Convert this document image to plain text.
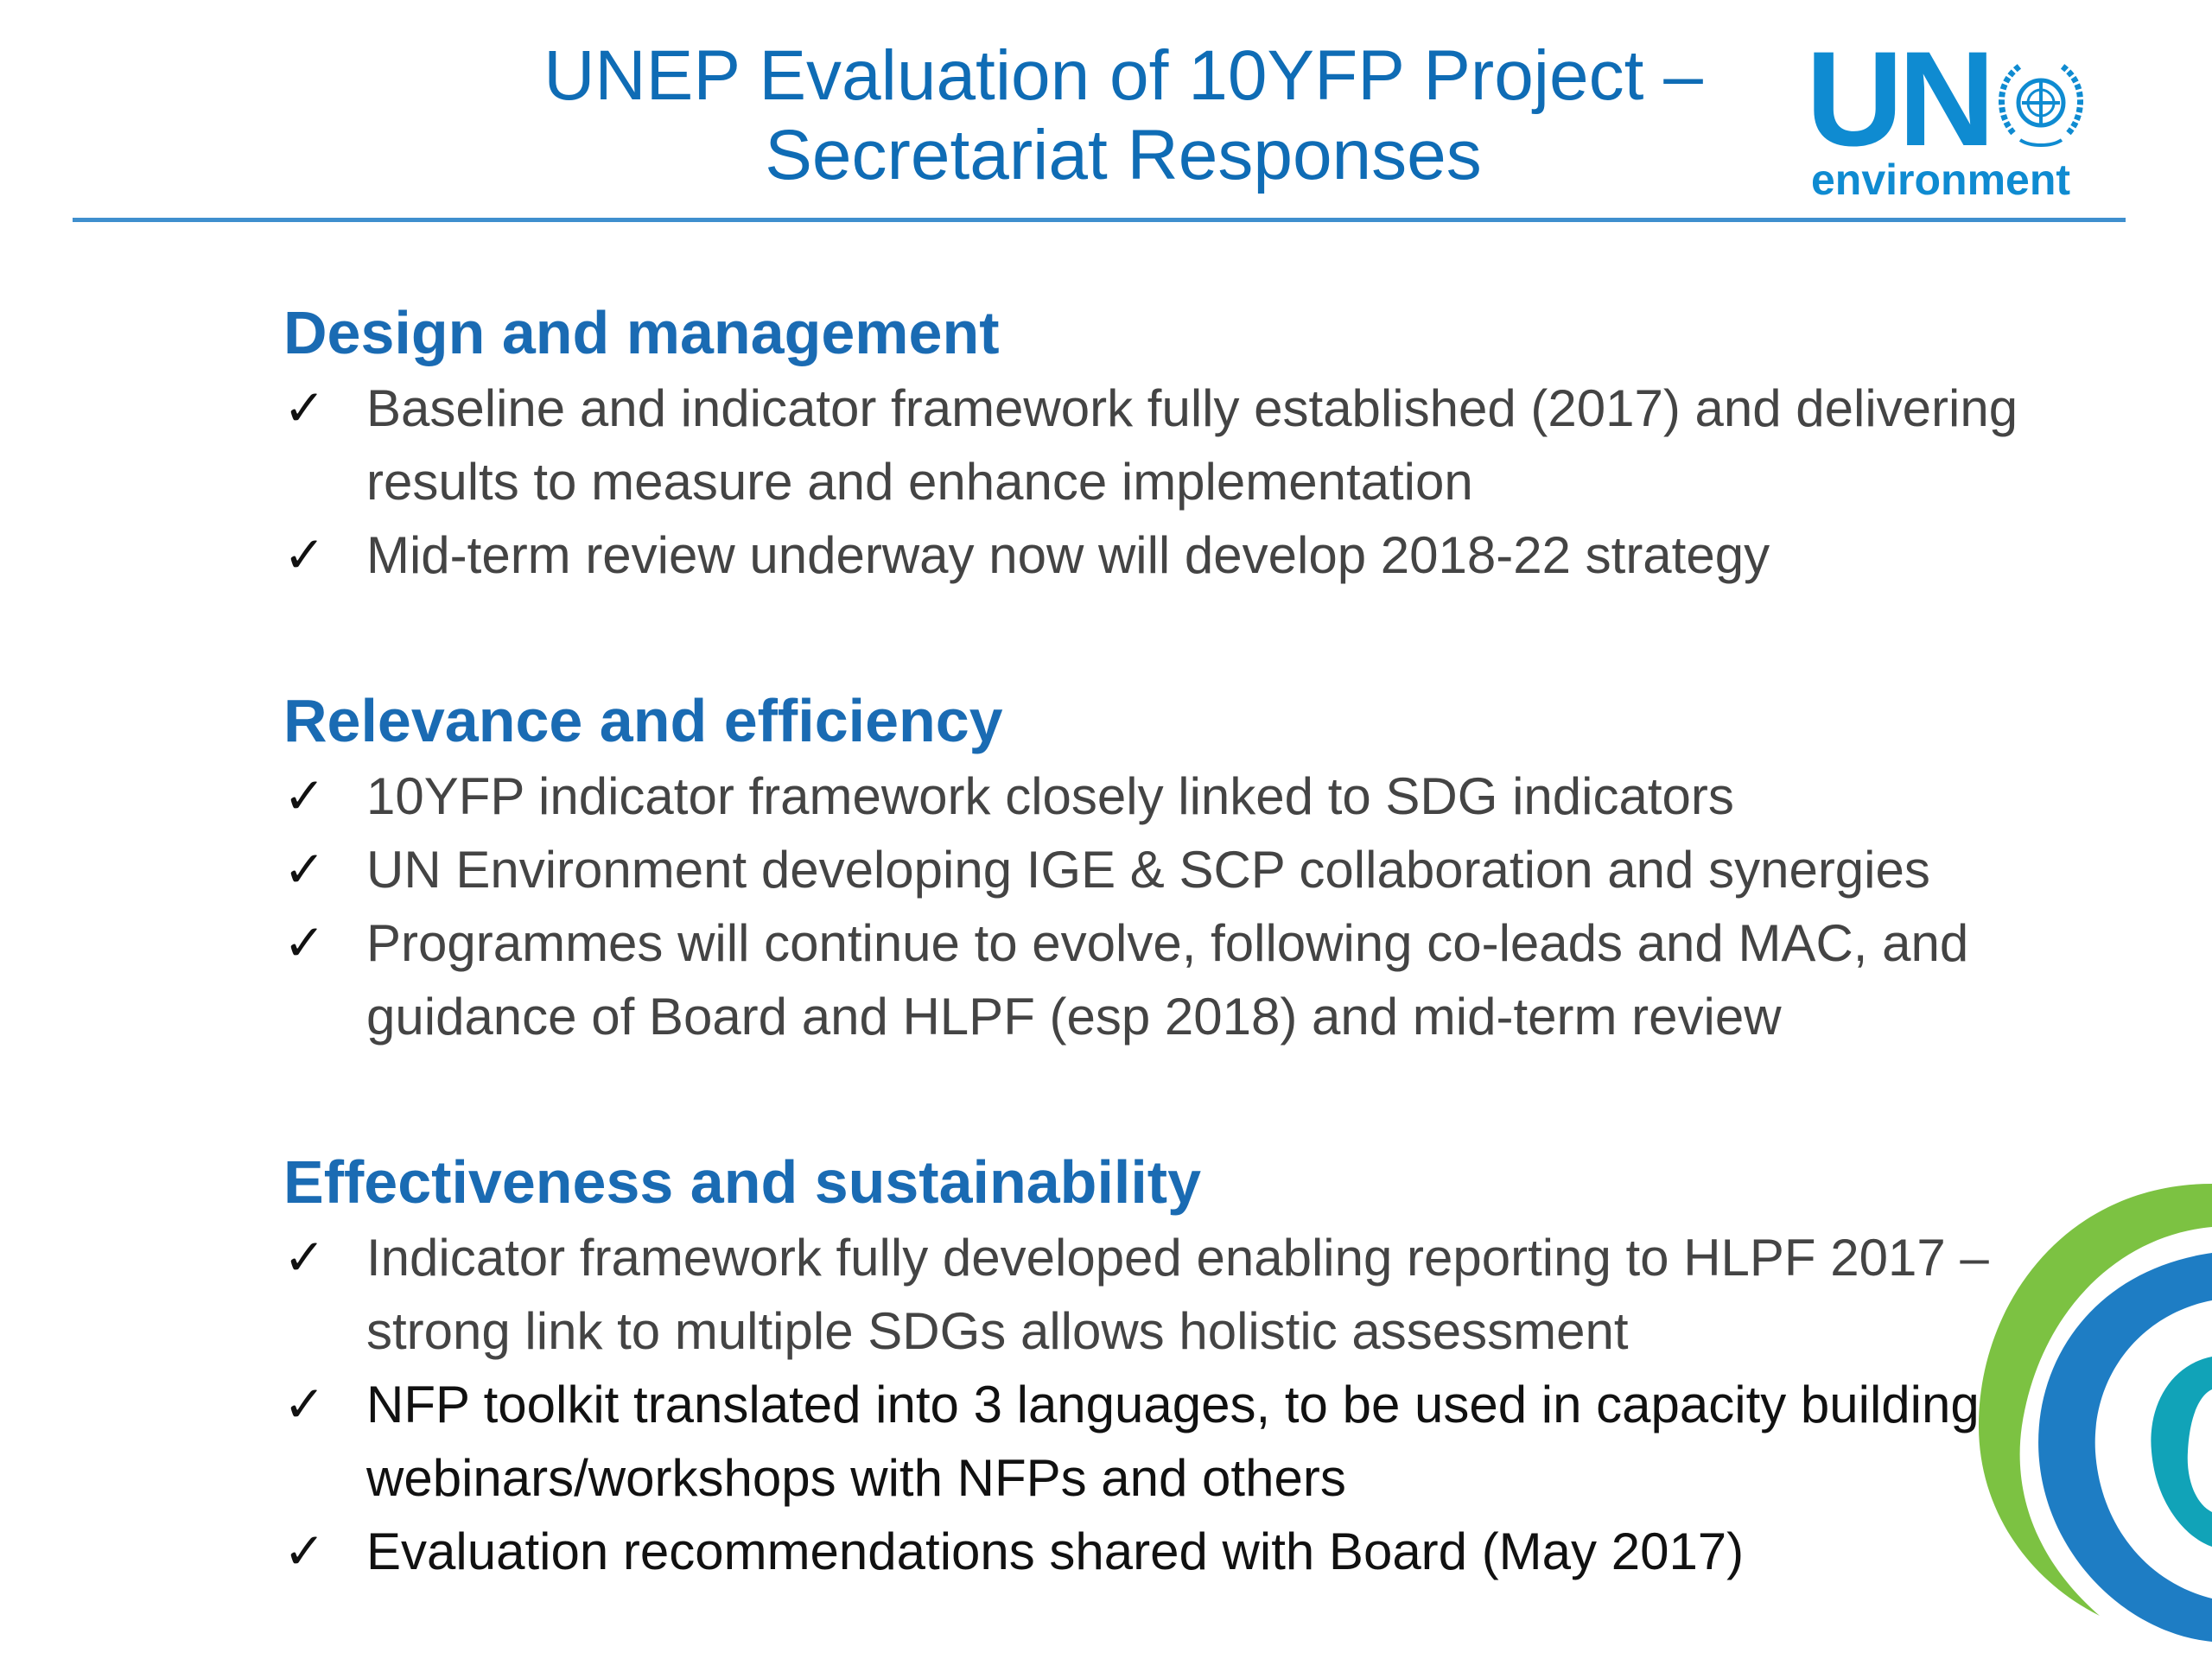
UNEP Evaluation of 10YFP Project –
Secretariat Responses	UN
environment
Design and management
✓ Baseline and indicator framework fully established (2017) and delivering results to measure and enhance implementation
✓ Mid-term review underway now will develop 2018-22 strategy
Relevance and efficiency
✓ 10YFP indicator framework closely linked to SDG indicators
✓ UN Environment developing IGE & SCP collaboration and synergies
✓ Programmes will continue to evolve, following co-leads and MAC, and guidance of Board and HLPF (esp 2018) and mid-term review
Effectiveness and sustainability
✓ Indicator framework fully developed enabling reporting to HLPF 2017 – strong link to multiple SDGs allows holistic assessment
✓ NFP toolkit translated into 3 languages, to be used in capacity building webinars/workshops with NFPs and others
✓ Evaluation recommendations shared with Board (May 2017)
